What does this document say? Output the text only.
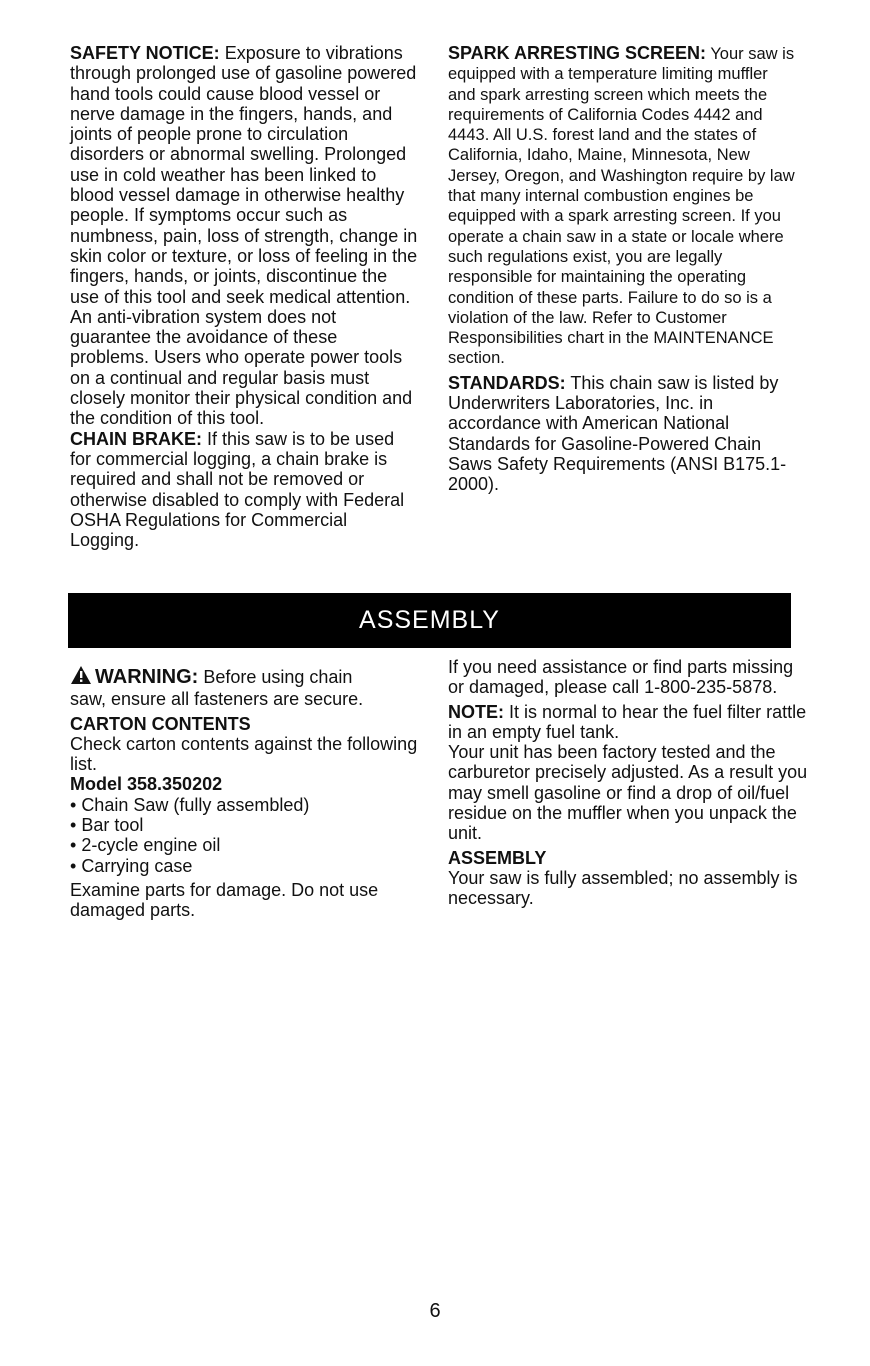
SAFETY NOTICE: Exposure to vibrations through prolonged use of gasoline powered hand tools could cause blood vessel or nerve damage in the fingers, hands, and joints of people prone to circulation disorders or abnormal swelling. Prolonged use in cold weather has been linked to blood vessel damage in otherwise healthy people. If symptoms occur such as numbness, pain, loss of strength, change in skin color or texture, or loss of feeling in the fingers, hands, or joints, discontinue the use of this tool and seek medical attention. An anti-vibration system does not guarantee the avoidance of these problems. Users who operate power tools on a continual and regular basis must closely monitor their physical condition and the condition of this tool.

CHAIN BRAKE: If this saw is to be used for commercial logging, a chain brake is required and shall not be removed or otherwise disabled to comply with Federal OSHA Regulations for Commercial Logging.

SPARK ARRESTING SCREEN: Your saw is equipped with a temperature limiting muffler and spark arresting screen which meets the requirements of California Codes 4442 and 4443. All U.S. forest land and the states of California, Idaho, Maine, Minnesota, New Jersey, Oregon, and Washington require by law that many internal combustion engines be equipped with a spark arresting screen. If you operate a chain saw in a state or locale where such regulations exist, you are legally responsible for maintaining the operating condition of these parts. Failure to do so is a violation of the law. Refer to Customer Responsibilities chart in the MAINTENANCE section.

STANDARDS: This chain saw is listed by Underwriters Laboratories, Inc. in accordance with American National Standards for Gasoline-Powered Chain Saws Safety Requirements (ANSI B175.1-2000).

ASSEMBLY

WARNING: Before using chain

saw, ensure all fasteners are secure.

CARTON CONTENTS

Check carton contents against the following list.

Model 358.350202

• Chain Saw (fully assembled)
• Bar tool
• 2-cycle engine oil
• Carrying case

Examine parts for damage. Do not use damaged parts.

If you need assistance or find parts missing or damaged, please call 1-800-235-5878.

NOTE: It is normal to hear the fuel filter rattle in an empty fuel tank.

Your unit has been factory tested and the carburetor precisely adjusted. As a result you may smell gasoline or find a drop of oil/fuel residue on the muffler when you unpack the unit.

ASSEMBLY

Your saw is fully assembled; no assembly is necessary.

6
